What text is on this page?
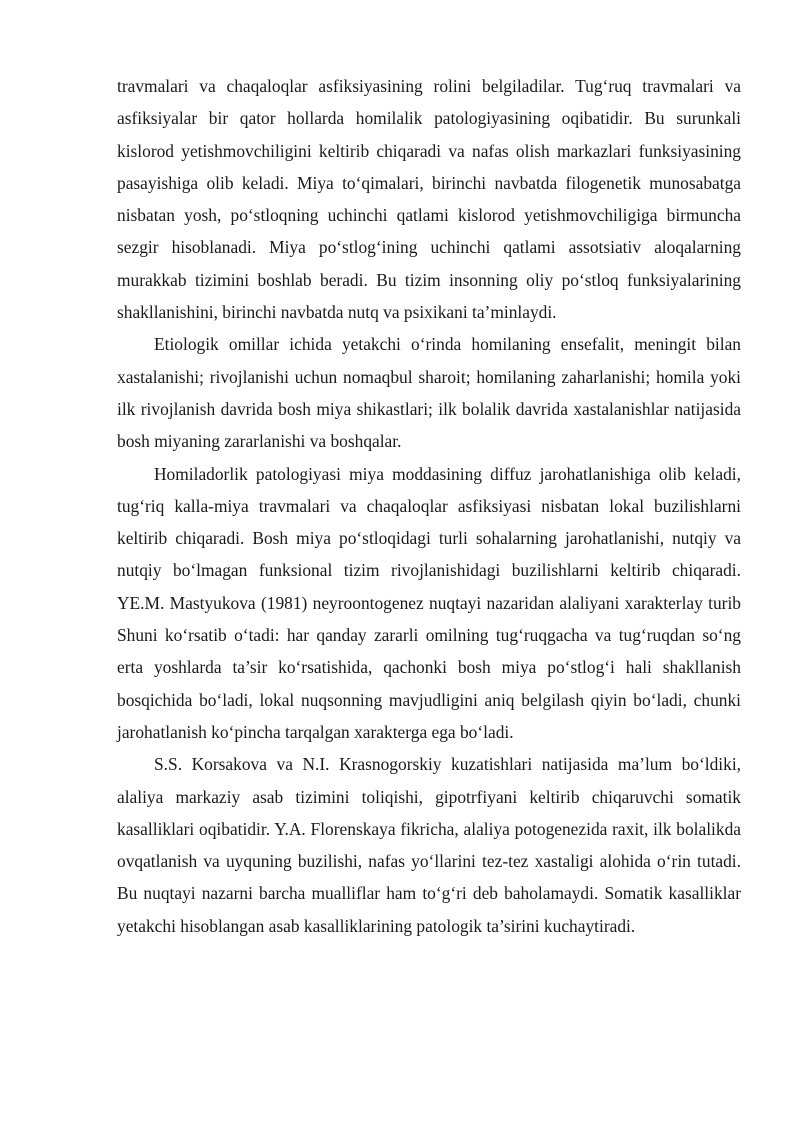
travmalari va chaqaloqlar asfiksiyasining rolini belgiladilar. Tug‘ruq travmalari va asfiksiyalar bir qator hollarda homilalik patologiyasining oqibatidir. Bu surunkali kislorod yetishmovchiligini keltirib chiqaradi va nafas olish markazlari funksiyasining pasayishiga olib keladi. Miya to‘qimalari, birinchi navbatda filogenetik munosabatga nisbatan yosh, po‘stloqning uchinchi qatlami kislorod yetishmovchiligiga birmuncha sezgir hisoblanadi. Miya po‘stlog‘ining uchinchi qatlami assotsiativ aloqalarning murakkab tizimini boshlab beradi. Bu tizim insonning oliy po‘stloq funksiyalarining shakllanishini, birinchi navbatda nutq va psixikani ta’minlaydi.

Etiologik omillar ichida yetakchi o‘rinda homilaning ensefalit, meningit bilan xastalanishi; rivojlanishi uchun nomaqbul sharoit; homilaning zaharlanishi; homila yoki ilk rivojlanish davrida bosh miya shikastlari; ilk bolalik davrida xastalanishlar natijasida bosh miyaning zararlanishi va boshqalar.

Homiladorlik patologiyasi miya moddasining diffuz jarohatlanishiga olib keladi, tug‘riq kalla-miya travmalari va chaqaloqlar asfiksiyasi nisbatan lokal buzilishlarni keltirib chiqaradi. Bosh miya po‘stloqidagi turli sohalarning jarohatlanishi, nutqiy va nutqiy bo‘lmagan funksional tizim rivojlanishidagi buzilishlarni keltirib chiqaradi. YE.M. Mastyukova (1981) neyroontogenez nuqtayi nazaridan alaliyani xarakterlay turib Shuni ko‘rsatib o‘tadi: har qanday zararli omilning tug‘ruqgacha va tug‘ruqdan so‘ng erta yoshlarda ta’sir ko‘rsatishida, qachonki bosh miya po‘stlog‘i hali shakllanish bosqichida bo‘ladi, lokal nuqsonning mavjudligini aniq belgilash qiyin bo‘ladi, chunki jarohatlanish ko‘pincha tarqalgan xarakterga ega bo‘ladi.

S.S. Korsakova va N.I. Krasnogorskiy kuzatishlari natijasida ma’lum bo‘ldiki, alaliya markaziy asab tizimini toliqishi, gipotrfiyani keltirib chiqaruvchi somatik kasalliklari oqibatidir. Y.A. Florenskaya fikricha, alaliya potogenezida raxit, ilk bolalikda ovqatlanish va uyquning buzilishi, nafas yo‘llarini tez-tez xastaligi alohida o‘rin tutadi. Bu nuqtayi nazarni barcha mualliflar ham to‘g‘ri deb baholamaydi. Somatik kasalliklar yetakchi hisoblangan asab kasalliklarining patologik ta’sirini kuchaytiradi.
